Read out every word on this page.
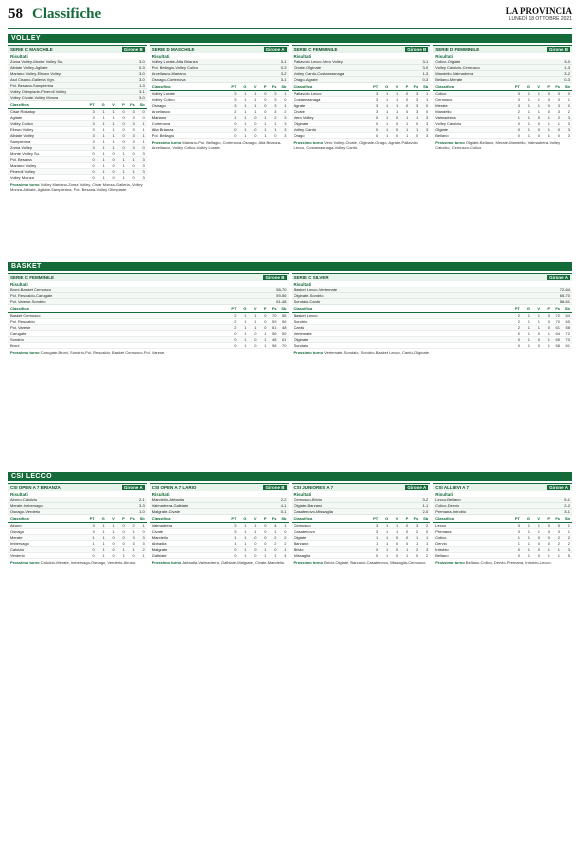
58 Classifiche	LA PROVINCIA
LUNEDÌ 18 OTTOBRE 2021
VOLLEY
SERIE C MASCHILE	Girone B
Risultati
Zoma Volley-Monte Volley Su.	3-0
Albiate Volley-Agliate	0-3
Mariano Volley-Eliswo Volley	3-0
Asd Cisano-Galleria Vgn.	3-0
Pol. Besana-Sampierina	1-3
Volley Olimpiade-Pineroli Volley	3-1
Volley Civate-Volley Monza	3-0
Classifica	PT	G	V	P	Fs	Sb
Cisar Rosatop	3	1	1	0	3	0
Agliate	3	1	1	0	3	0
Volley Colico	3	1	1	0	3	1
Eliswo Volley	3	1	1	0	3	1
Albiate Volley	3	1	1	0	3	1
Sampierina	3	1	1	0	3	1
Zoma Volley	3	1	1	0	3	0
Monte Volley Su.	0	1	0	1	0	3
Pol. Besana	0	1	0	1	1	3
Mariano Volley	0	1	0	1	0	3
Pineroli Volley	0	1	0	1	1	3
Volley Monza	0	1	0	1	0	3
Prossimo turno Volley Mariano-Zoma Volley, Cisar Monza-Galleria, Volley Monza-Albiate, Agliate-Sampierina, Pol. Besana-Volley Olimpiade.
SERIE D MASCHILE	Girone A
Risultati
Volley Lurate-Alta Brianza	3-1
Pol. Bellagio-Volley Colico	0-3
Arcellasco-Mariano	3-2
Osnago-Cortenova	3-1
Classifica	PT	G	V	P	Fs	Sb
Volley Lurate	3	1	1	0	3	1
Volley Colico	3	1	1	0	3	0
Osnago	3	1	1	0	3	1
Arcellasco	2	1	1	0	3	2
Mariano	1	1	0	1	2	3
Cortenova	0	1	0	1	1	3
Alta Brianza	0	1	0	1	1	3
Pol. Bellagio	0	1	0	1	0	3
Prossimo turno Mariano-Pol. Bellagio, Cortenova-Osnago, Alta Brianza-Arcellasco, Volley Colico-Volley Lurate.
SERIE C FEMMINILE	Girone B
Risultati
Pallavolo Lecco-Vero Volley	3-1
Civate-Olginate	3-0
Volley Cantù-Costamasnaga	1-3
Orago-Agrate	0-3
Classifica	PT	G	V	P	Fs	Sb
Pallavolo Lecco	3	1	1	0	3	1
Costamasnaga	3	1	1	0	3	1
Agrate	3	1	1	0	3	0
Civate	3	1	1	0	3	0
Vero Volley	0	1	0	1	1	3
Olginate	0	1	0	1	0	3
Volley Cantù	0	1	0	1	1	3
Orago	0	1	0	1	0	3
Prossimo turno Vero Volley-Civate, Olginate-Orago, Agrate-Pallavolo Lecco, Costamasnaga-Volley Cantù.
SERIE D FEMMINILE	Girone B
Risultati
Colico-Olgiate	3-0
Volley Calolzio-Cernusco	1-3
Mandello-Valmadrera	3-2
Bellano-Merate	0-3
Classifica	PT	G	V	P	Fs	Sb
Colico	3	1	1	0	3	0
Cernusco	3	1	1	0	3	1
Merate	3	1	1	0	3	0
Mandello	2	1	1	0	3	2
Valmadrera	1	1	0	1	2	3
Volley Calolzio	0	1	0	1	1	3
Olgiate	0	1	0	1	0	3
Bellano	0	1	0	1	0	3
Prossimo turno Olgiate-Bellano, Merate-Mandello, Valmadrera-Volley Calolzio, Cernusco-Colico.
BASKET
SERIE C FEMMINILE	Girone B
Risultati
Broni-Basket Cernusco	58-70
Pol. Rescaldo-Carugate	59-56
Pol. Varese-Sondrio	61-48
Classifica	PT	G	V	P	Fs	Sb
Basket Cernusco	2	1	1	0	70	58
Pol. Rescaldo	2	1	1	0	59	56
Pol. Varese	2	1	1	0	61	48
Carugate	0	1	0	1	56	59
Sondrio	0	1	0	1	48	61
Broni	0	1	0	1	58	70
Prossimo turno Carugate-Broni, Sondrio-Pol. Rescaldo, Basket Cernusco-Pol. Varese.
SERIE C SILVER	Girone A
Risultati
Basket Lecco-Vertemate	72-64
Olginate-Sondrio	65-70
Sondalo-Cantù	58-61
Classifica	PT	G	V	P	Fs	Sb
Basket Lecco	2	1	1	0	72	64
Sondrio	2	1	1	0	70	65
Cantù	2	1	1	0	61	58
Vertemate	0	1	0	1	64	72
Olginate	0	1	0	1	65	70
Sondalo	0	1	0	1	58	61
Prossimo turno Vertemate-Sondalo, Sondrio-Basket Lecco, Cantù-Olginate.
CSI LECCO
CSI OPEN A 7 BRIANZA	Girone A
Risultati
Airuno-Calolzio	2-1
Merate-Imbersago	3-3
Osnago-Verderio	1-0
Classifica	PT	G	V	P	Fs	Sb
Airuno	3	1	1	0	2	1
Osnago	3	1	1	0	1	0
Merate	1	1	0	0	3	3
Imbersago	1	1	0	0	3	3
Calolzio	0	1	0	1	1	2
Verderio	0	1	0	1	0	1
Prossimo turno Calolzio-Merate, Imbersago-Osnago, Verderio-Airuno.
CSI OPEN A 7 LARIO	Girone B
Risultati
Mandello-Abbadia	2-2
Valmadrera-Galbiate	4-1
Malgrate-Civate	0-1
Classifica	PT	G	V	P	Fs	Sb
Valmadrera	3	1	1	0	4	1
Civate	3	1	1	0	1	0
Mandello	1	1	0	0	2	2
Abbadia	1	1	0	0	2	2
Malgrate	0	1	0	1	0	1
Galbiate	0	1	0	1	1	4
Prossimo turno Abbadia-Valmadrera, Galbiate-Malgrate, Civate-Mandello.
CSI JUNIORES A 7	Girone A
Risultati
Cernusco-Brivio	3-2
Olgiate-Barzanò	1-1
Casatenovo-Missaglia	2-0
Classifica	PT	G	V	P	Fs	Sb
Cernusco	3	1	1	0	3	2
Casatenovo	3	1	1	0	2	0
Olgiate	1	1	0	0	1	1
Barzanò	1	1	0	0	1	1
Brivio	0	1	0	1	2	3
Missaglia	0	1	0	1	0	2
Prossimo turno Brivio-Olgiate, Barzanò-Casatenovo, Missaglia-Cernusco.
CSI ALLIEVI A 7	Girone A
Risultati
Lecco-Bellano	5-1
Colico-Dervio	2-2
Premana-Introbio	3-1
Classifica	PT	G	V	P	Fs	Sb
Lecco	3	1	1	0	5	1
Premana	3	1	1	0	3	1
Colico	1	1	0	0	2	2
Dervio	1	1	0	0	2	2
Introbio	0	1	0	1	1	3
Bellano	0	1	0	1	1	5
Prossimo turno Bellano-Colico, Dervio-Premana, Introbio-Lecco.
